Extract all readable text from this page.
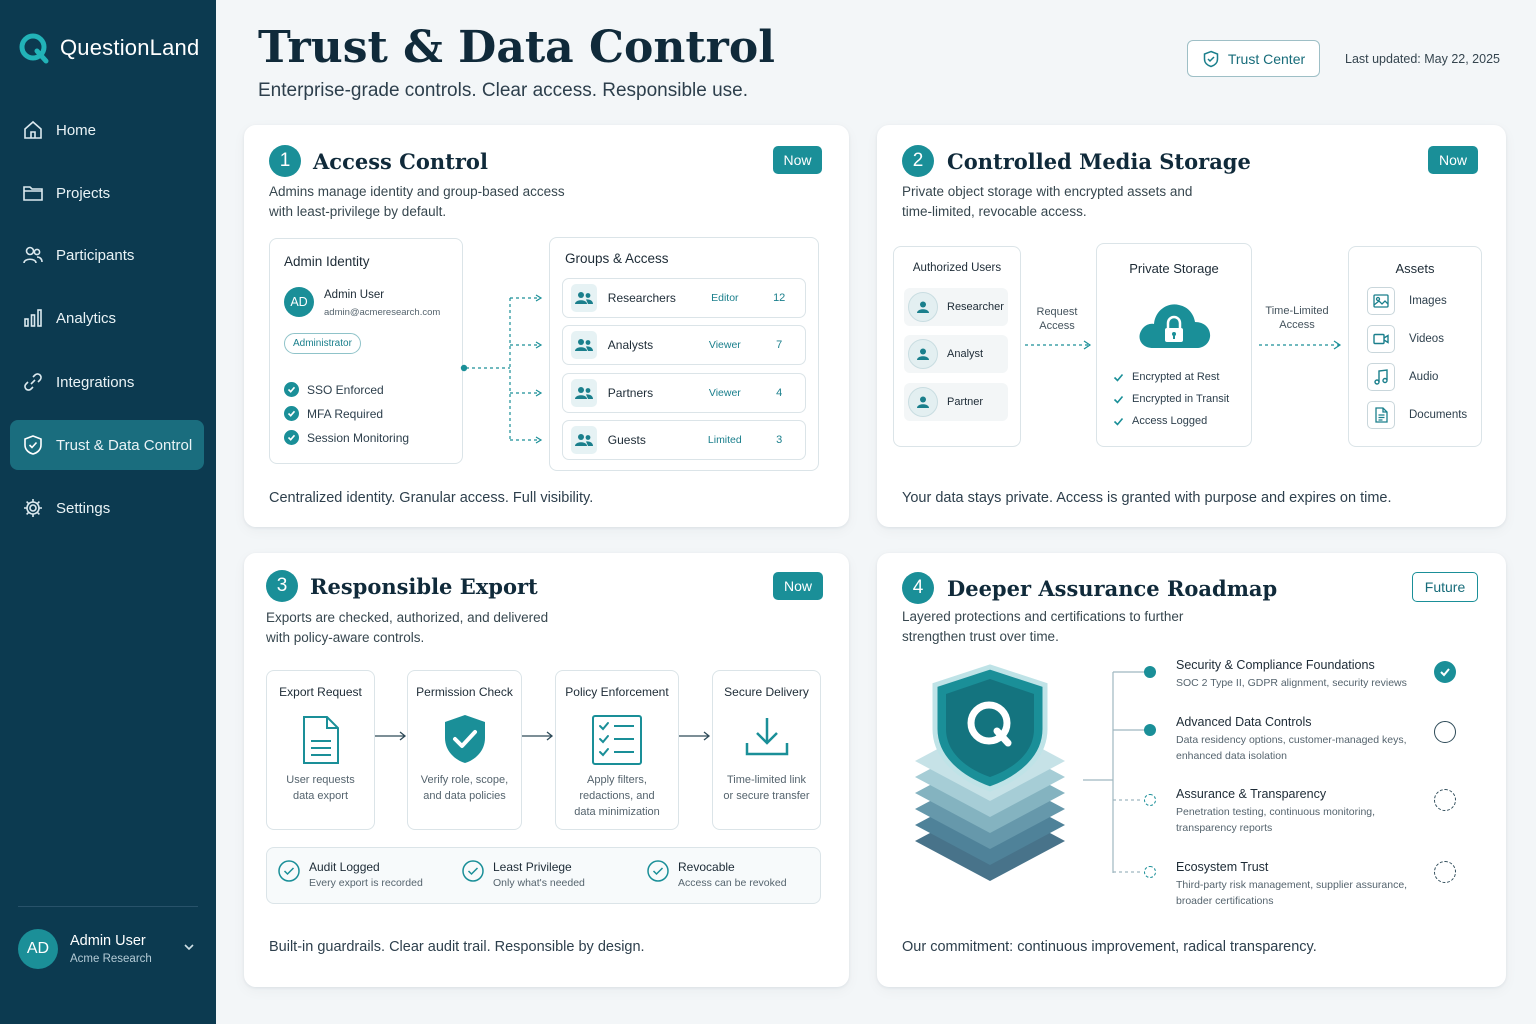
QuestionLand
Home
Projects
Participants
Analytics
Integrations
Trust & Data Control
Settings
AD	Admin User
Acme Research
Trust & Data Control
Enterprise-grade controls. Clear access. Responsible use.
Trust Center	Last updated: May 22, 2025
1	Access Control	Now
Admins manage identity and group-based access
with least-privilege by default.
Admin Identity
AD	Admin User
admin@acmeresearch.com
Administrator
SSO Enforced
MFA Required
Session Monitoring
Groups & Access
Researchers	Editor	12
Analysts	Viewer	7
Partners	Viewer	4
Guests	Limited	3
Centralized identity. Granular access. Full visibility.
2	Controlled Media Storage	Now
Private object storage with encrypted assets and
time-limited, revocable access.
Authorized Users
Researcher
Analyst
Partner
Request
Access
Private Storage
Encrypted at Rest
Encrypted in Transit
Access Logged
Time-Limited
Access
Assets
Images
Videos
Audio
Documents
Your data stays private. Access is granted with purpose and expires on time.
3	Responsible Export	Now
Exports are checked, authorized, and delivered
with policy-aware controls.
Export Request
User requests
data export
Permission Check
Verify role, scope,
and data policies
Policy Enforcement
Apply filters,
redactions, and
data minimization
Secure Delivery
Time-limited link
or secure transfer
Audit Logged
Every export is recorded
Least Privilege
Only what's needed
Revocable
Access can be revoked
Built-in guardrails. Clear audit trail. Responsible by design.
4	Deeper Assurance Roadmap	Future
Layered protections and certifications to further
strengthen trust over time.
Security & Compliance Foundations
SOC 2 Type II, GDPR alignment, security reviews
Advanced Data Controls
Data residency options, customer-managed keys,
enhanced data isolation
Assurance & Transparency
Penetration testing, continuous monitoring,
transparency reports
Ecosystem Trust
Third-party risk management, supplier assurance,
broader certifications
Our commitment: continuous improvement, radical transparency.
